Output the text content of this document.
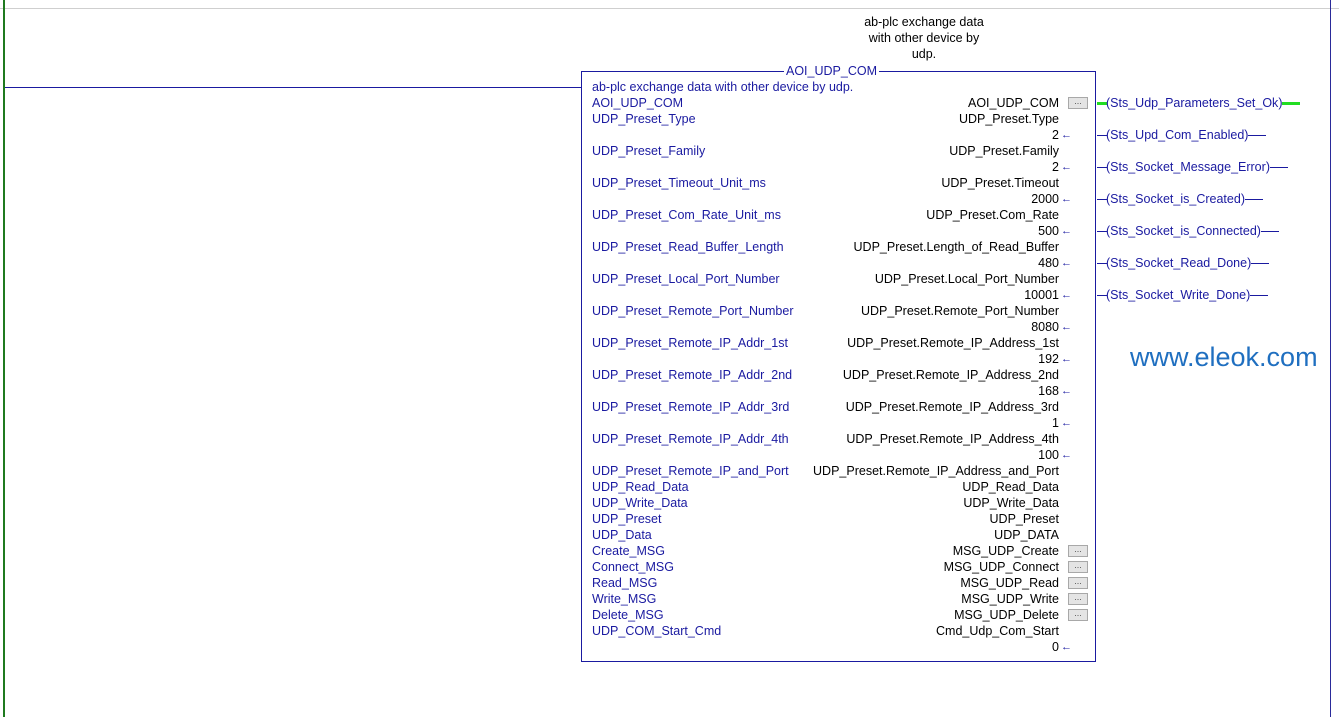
ab-plc exchange data
with other device by
udp.
AOI_UDP_COM
ab-plc exchange data with other device by udp.
AOI_UDP_COM	AOI_UDP_COM	...
UDP_Preset_Type	UDP_Preset.Type
2 ←
UDP_Preset_Family	UDP_Preset.Family
2 ←
UDP_Preset_Timeout_Unit_ms	UDP_Preset.Timeout
2000 ←
UDP_Preset_Com_Rate_Unit_ms	UDP_Preset.Com_Rate
500 ←
UDP_Preset_Read_Buffer_Length	UDP_Preset.Length_of_Read_Buffer
480 ←
UDP_Preset_Local_Port_Number	UDP_Preset.Local_Port_Number
10001 ←
UDP_Preset_Remote_Port_Number	UDP_Preset.Remote_Port_Number
8080 ←
UDP_Preset_Remote_IP_Addr_1st	UDP_Preset.Remote_IP_Address_1st
192 ←
UDP_Preset_Remote_IP_Addr_2nd	UDP_Preset.Remote_IP_Address_2nd
168 ←
UDP_Preset_Remote_IP_Addr_3rd	UDP_Preset.Remote_IP_Address_3rd
1 ←
UDP_Preset_Remote_IP_Addr_4th	UDP_Preset.Remote_IP_Address_4th
100 ←
UDP_Preset_Remote_IP_and_Port	UDP_Preset.Remote_IP_Address_and_Port
UDP_Read_Data	UDP_Read_Data
UDP_Write_Data	UDP_Write_Data
UDP_Preset	UDP_Preset
UDP_Data	UDP_DATA
Create_MSG	MSG_UDP_Create	...
Connect_MSG	MSG_UDP_Connect	...
Read_MSG	MSG_UDP_Read	...
Write_MSG	MSG_UDP_Write	...
Delete_MSG	MSG_UDP_Delete	...
UDP_COM_Start_Cmd	Cmd_Udp_Com_Start
0 ←
(Sts_Udp_Parameters_Set_Ok)
(Sts_Upd_Com_Enabled)
(Sts_Socket_Message_Error)
(Sts_Socket_is_Created)
(Sts_Socket_is_Connected)
(Sts_Socket_Read_Done)
(Sts_Socket_Write_Done)
www.eleok.com
